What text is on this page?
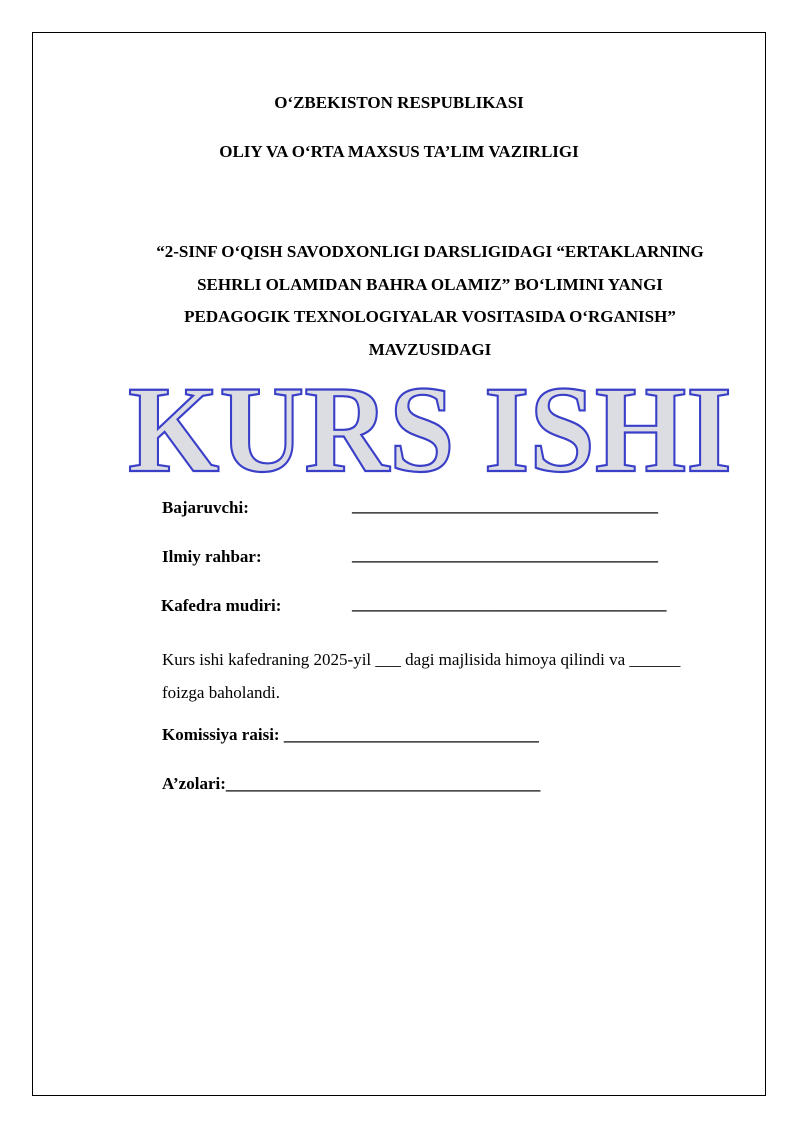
O‘ZBEKISTON RESPUBLIKASI
OLIY VA O‘RTA MAXSUS TA’LIM VAZIRLIGI
“2-SINF O‘QISH SAVODXONLIGI DARSLIGIDAGI “ERTAKLARNING
SEHRLI OLAMIDAN BAHRA OLAMIZ” BO‘LIMINI YANGI
PEDAGOGIK TEXNOLOGIYALAR VOSITASIDA O‘RGANISH”
MAVZUSIDAGI
KURS ISHI
Bajaruvchi:	____________________________________
Ilmiy rahbar:	____________________________________
Kafedra mudiri:	_____________________________________
Kurs ishi kafedraning 2025-yil ___ dagi majlisida himoya qilindi va ______
foizga baholandi.
Komissiya raisi: ______________________________
A’zolari:_____________________________________
